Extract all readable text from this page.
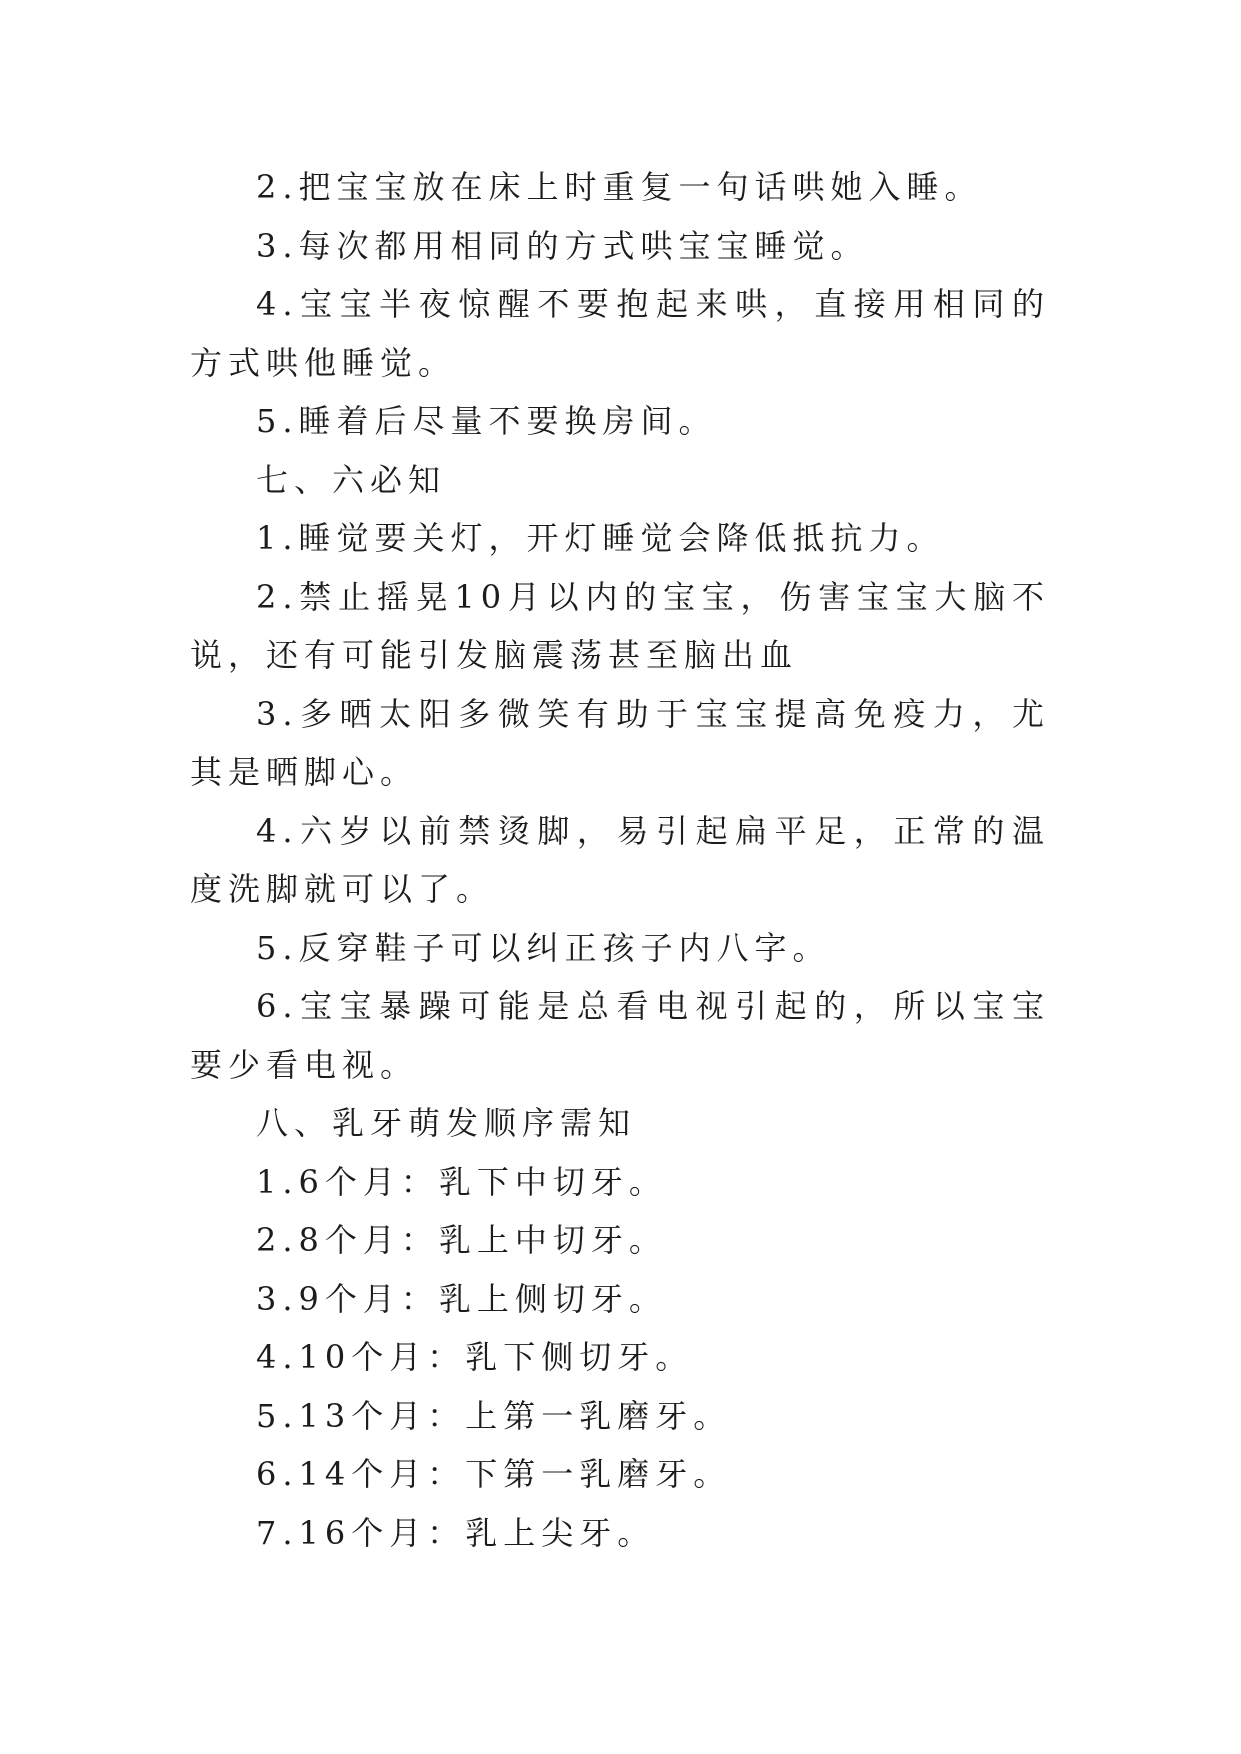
2.把宝宝放在床上时重复一句话哄她入睡。

3.每次都用相同的方式哄宝宝睡觉。

4.宝宝半夜惊醒不要抱起来哄，直接用相同的方式哄他睡觉。

5.睡着后尽量不要换房间。

七、六必知

1.睡觉要关灯，开灯睡觉会降低抵抗力。

2.禁止摇晃10月以内的宝宝，伤害宝宝大脑不说，还有可能引发脑震荡甚至脑出血

3.多晒太阳多微笑有助于宝宝提高免疫力，尤其是晒脚心。

4.六岁以前禁烫脚，易引起扁平足，正常的温度洗脚就可以了。

5.反穿鞋子可以纠正孩子内八字。

6.宝宝暴躁可能是总看电视引起的，所以宝宝要少看电视。

八、乳牙萌发顺序需知

1.6个月：乳下中切牙。

2.8个月：乳上中切牙。

3.9个月：乳上侧切牙。

4.10个月：乳下侧切牙。

5.13个月：上第一乳磨牙。

6.14个月：下第一乳磨牙。

7.16个月：乳上尖牙。
